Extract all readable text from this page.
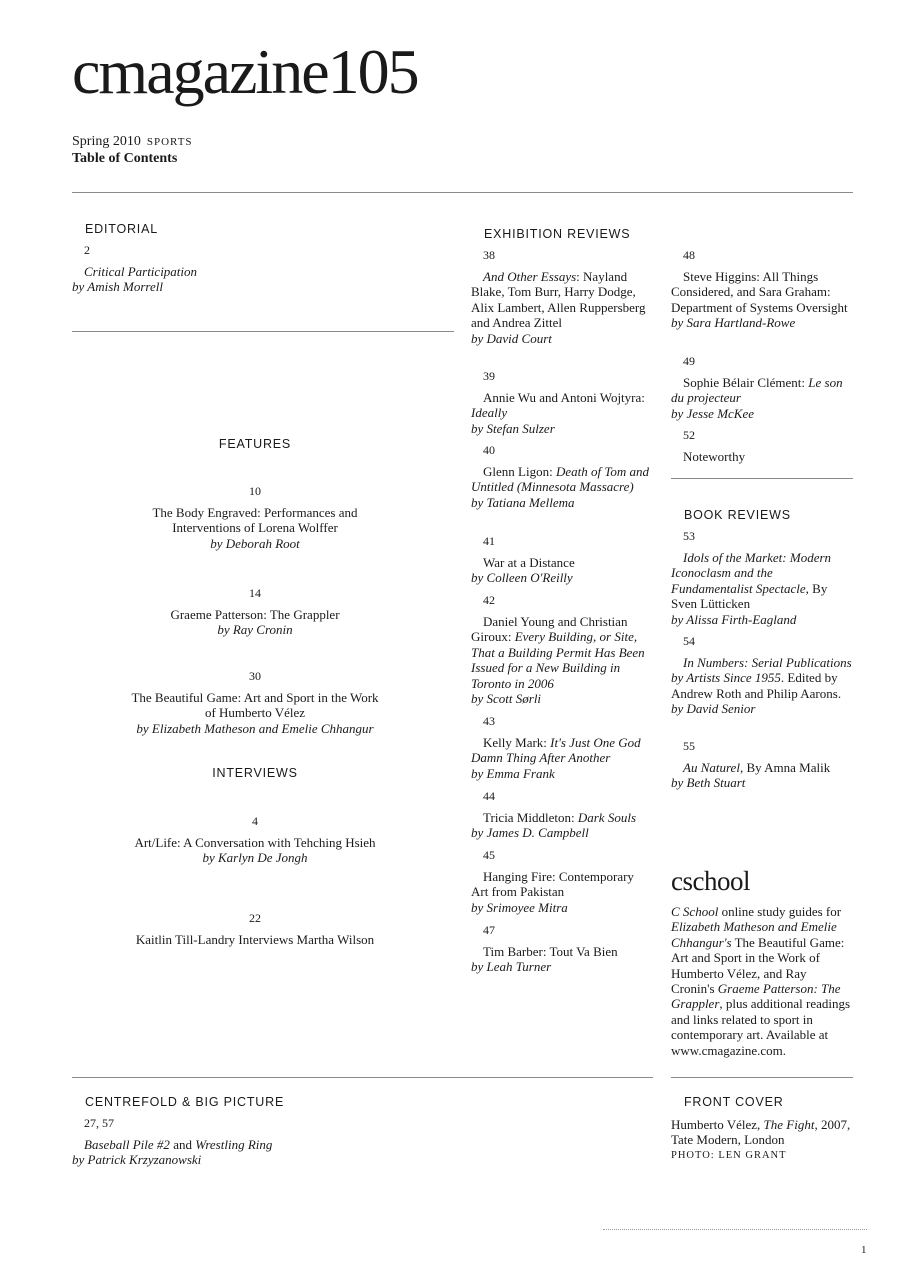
cmagazine105
Spring 2010 SPORTS
Table of Contents
EDITORIAL
2
Critical Participation
by Amish Morrell
FEATURES
10
The Body Engraved: Performances and Interventions of Lorena Wolffer
by Deborah Root
14
Graeme Patterson: The Grappler
by Ray Cronin
30
The Beautiful Game: Art and Sport in the Work of Humberto Vélez
by Elizabeth Matheson and Emelie Chhangur
INTERVIEWS
4
Art/Life: A Conversation with Tehching Hsieh
by Karlyn De Jongh
22
Kaitlin Till-Landry Interviews Martha Wilson
EXHIBITION REVIEWS
38
And Other Essays: Nayland Blake, Tom Burr, Harry Dodge, Alix Lambert, Allen Ruppersberg and Andrea Zittel
by David Court
39
Annie Wu and Antoni Wojtyra: Ideally
by Stefan Sulzer
40
Glenn Ligon: Death of Tom and Untitled (Minnesota Massacre)
by Tatiana Mellema
41
War at a Distance
by Colleen O'Reilly
42
Daniel Young and Christian Giroux: Every Building, or Site, That a Building Permit Has Been Issued for a New Building in Toronto in 2006
by Scott Sørli
43
Kelly Mark: It's Just One God Damn Thing After Another
by Emma Frank
44
Tricia Middleton: Dark Souls
by James D. Campbell
45
Hanging Fire: Contemporary Art from Pakistan
by Srimoyee Mitra
47
Tim Barber: Tout Va Bien
by Leah Turner
48
Steve Higgins: All Things Considered, and Sara Graham: Department of Systems Oversight
by Sara Hartland-Rowe
49
Sophie Bélair Clément: Le son du projecteur
by Jesse McKee
52
Noteworthy
BOOK REVIEWS
53
Idols of the Market: Modern Iconoclasm and the Fundamentalist Spectacle, By Sven Lütticken
by Alissa Firth-Eagland
54
In Numbers: Serial Publications by Artists Since 1955. Edited by Andrew Roth and Philip Aarons.
by David Senior
55
Au Naturel, By Amna Malik
by Beth Stuart
cschool
C School online study guides for Elizabeth Matheson and Emelie Chhangur's The Beautiful Game: Art and Sport in the Work of Humberto Vélez, and Ray Cronin's Graeme Patterson: The Grappler, plus additional readings and links related to sport in contemporary art. Available at www.cmagazine.com.
CENTREFOLD & BIG PICTURE
27, 57
Baseball Pile #2 and Wrestling Ring
by Patrick Krzyzanowski
FRONT COVER
Humberto Vélez, The Fight, 2007, Tate Modern, London
PHOTO: LEN GRANT
1
